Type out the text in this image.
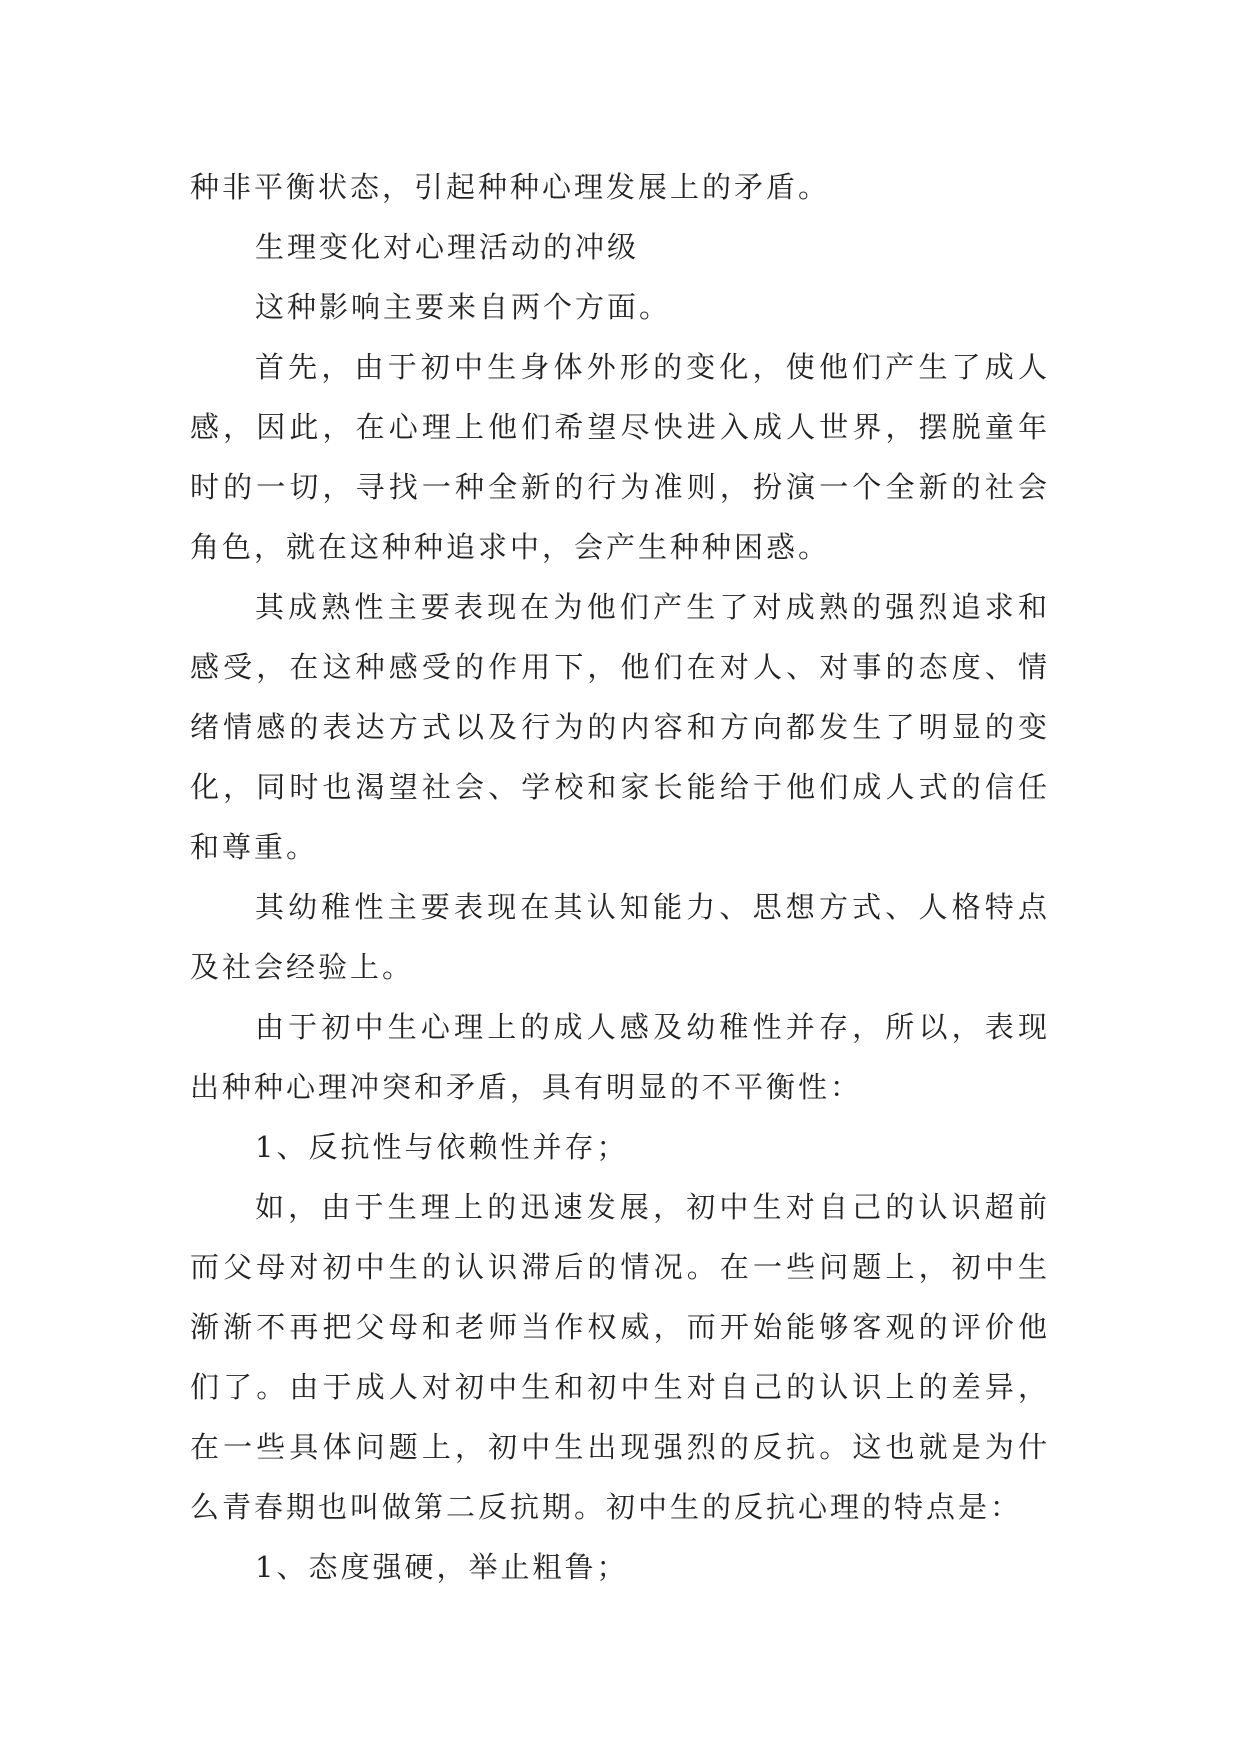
种非平衡状态，引起种种心理发展上的矛盾。

生理变化对心理活动的冲级

这种影响主要来自两个方面。

首先，由于初中生身体外形的变化，使他们产生了成人感，因此，在心理上他们希望尽快进入成人世界，摆脱童年时的一切，寻找一种全新的行为准则，扮演一个全新的社会角色，就在这种种追求中，会产生种种困惑。

其成熟性主要表现在为他们产生了对成熟的强烈追求和感受，在这种感受的作用下，他们在对人、对事的态度、情绪情感的表达方式以及行为的内容和方向都发生了明显的变化，同时也渴望社会、学校和家长能给于他们成人式的信任和尊重。

其幼稚性主要表现在其认知能力、思想方式、人格特点及社会经验上。

由于初中生心理上的成人感及幼稚性并存，所以，表现出种种心理冲突和矛盾，具有明显的不平衡性：

1、反抗性与依赖性并存；

如，由于生理上的迅速发展，初中生对自己的认识超前而父母对初中生的认识滞后的情况。在一些问题上，初中生渐渐不再把父母和老师当作权威，而开始能够客观的评价他们了。由于成人对初中生和初中生对自己的认识上的差异，在一些具体问题上，初中生出现强烈的反抗。这也就是为什么青春期也叫做第二反抗期。初中生的反抗心理的特点是：

1、态度强硬，举止粗鲁；
